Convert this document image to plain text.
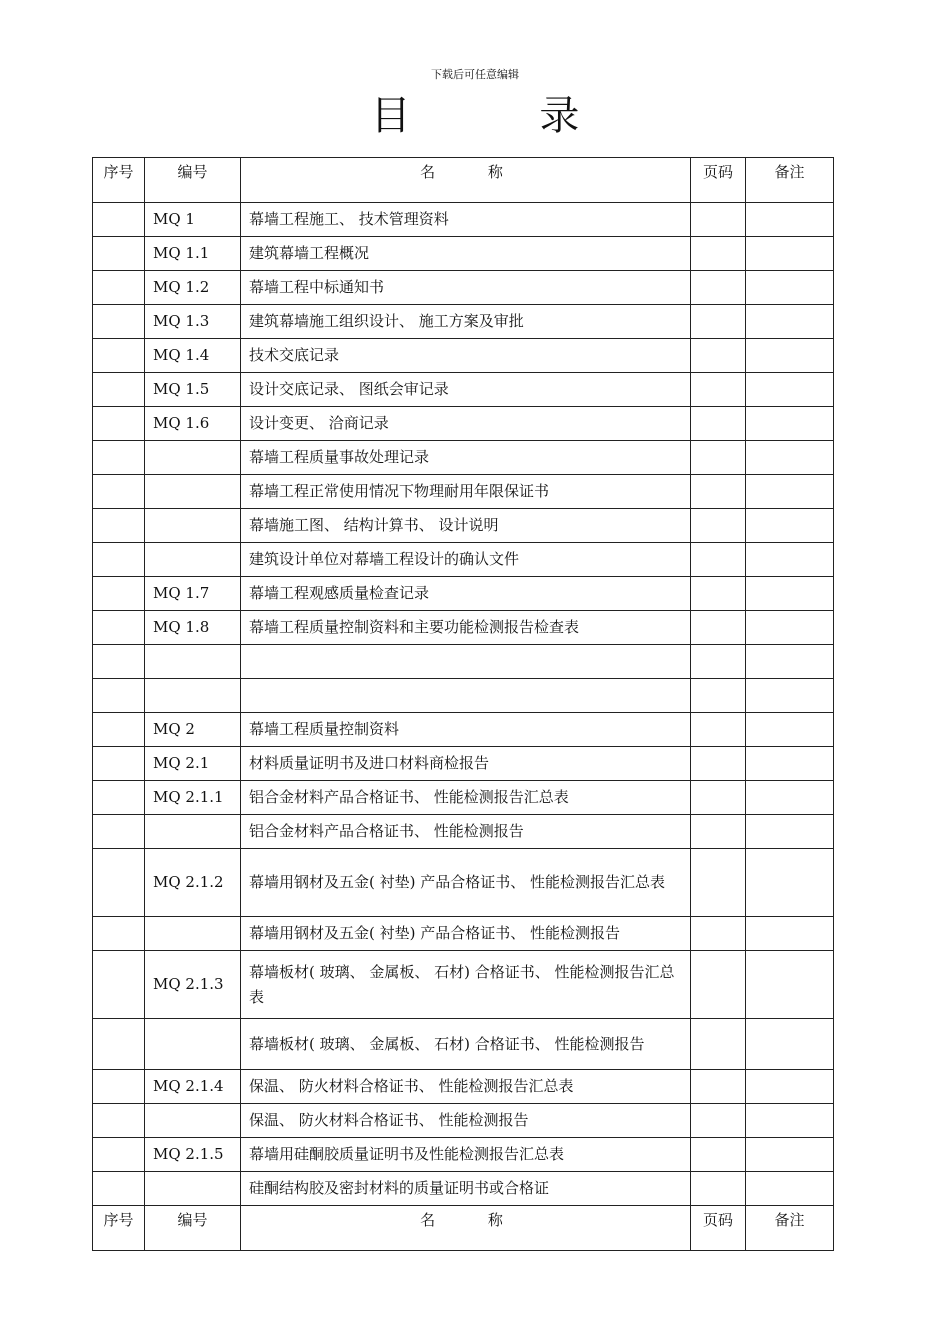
下载后可任意编辑
目 录
序号	编号	名 称	页码	备注
	MQ 1	幕墙工程施工、 技术管理资料		
	MQ 1.1	建筑幕墙工程概况		
	MQ 1.2	幕墙工程中标通知书		
	MQ 1.3	建筑幕墙施工组织设计、 施工方案及审批		
	MQ 1.4	技术交底记录		
	MQ 1.5	设计交底记录、 图纸会审记录		
	MQ 1.6	设计变更、 洽商记录		
		幕墙工程质量事故处理记录		
		幕墙工程正常使用情况下物理耐用年限保证书		
		幕墙施工图、 结构计算书、 设计说明		
		建筑设计单位对幕墙工程设计的确认文件		
	MQ 1.7	幕墙工程观感质量检查记录		
	MQ 1.8	幕墙工程质量控制资料和主要功能检测报告检查表		

	MQ 2	幕墙工程质量控制资料		
	MQ 2.1	材料质量证明书及进口材料商检报告		
	MQ 2.1.1	铝合金材料产品合格证书、 性能检测报告汇总表		
		铝合金材料产品合格证书、 性能检测报告		
	MQ 2.1.2	幕墙用钢材及五金( 衬垫) 产品合格证书、 性能检测报告汇总表		
		幕墙用钢材及五金( 衬垫) 产品合格证书、 性能检测报告		
	MQ 2.1.3	幕墙板材( 玻璃、 金属板、 石材) 合格证书、 性能检测报告汇总表		
		幕墙板材( 玻璃、 金属板、 石材) 合格证书、 性能检测报告		
	MQ 2.1.4	保温、 防火材料合格证书、 性能检测报告汇总表		
		保温、 防火材料合格证书、 性能检测报告		
	MQ 2.1.5	幕墙用硅酮胶质量证明书及性能检测报告汇总表		
		硅酮结构胶及密封材料的质量证明书或合格证		
序号	编号	名 称	页码	备注
